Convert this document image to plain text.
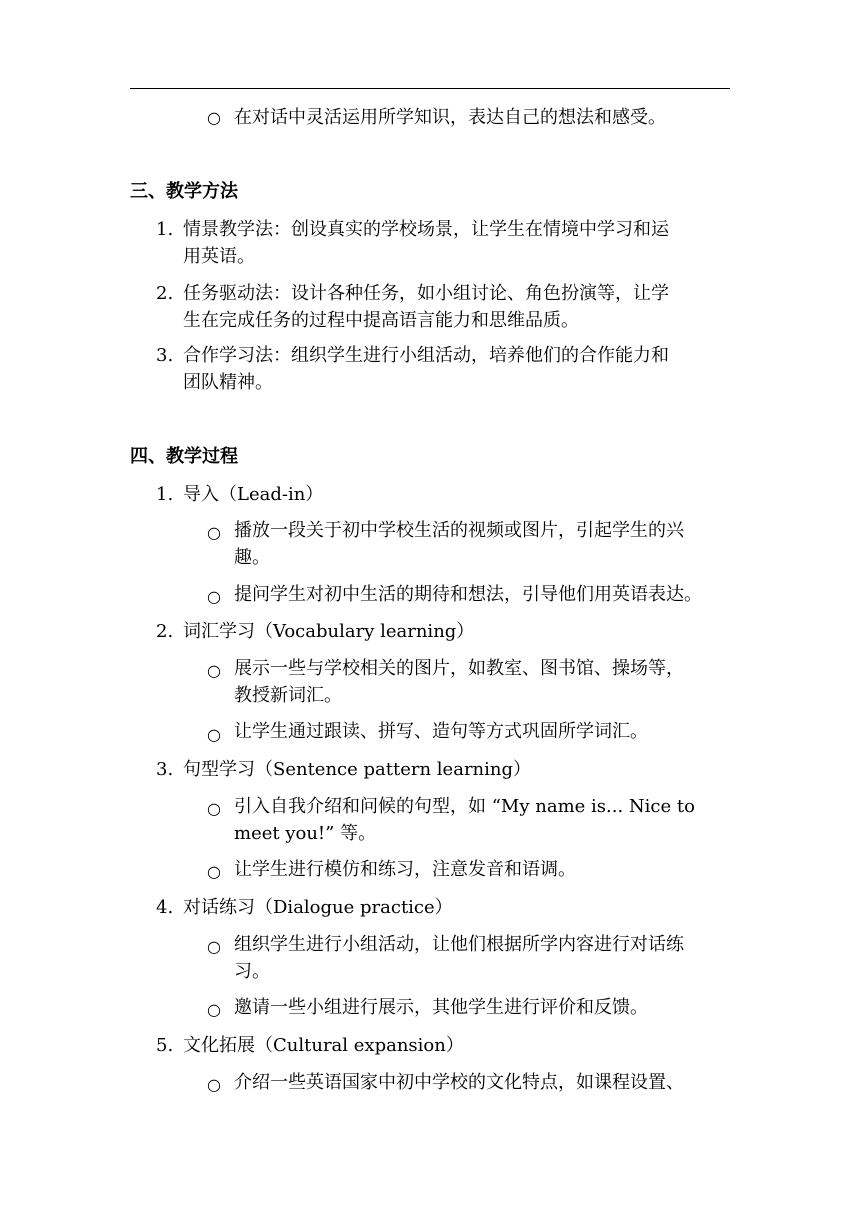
○ 在对话中灵活运用所学知识，表达自己的想法和感受。
三、教学方法
1. 情景教学法：创设真实的学校场景，让学生在情境中学习和运
用英语。
2. 任务驱动法：设计各种任务，如小组讨论、角色扮演等，让学
生在完成任务的过程中提高语言能力和思维品质。
3. 合作学习法：组织学生进行小组活动，培养他们的合作能力和
团队精神。
四、教学过程
1. 导入（Lead-in）
○ 播放一段关于初中学校生活的视频或图片，引起学生的兴
趣。
○ 提问学生对初中生活的期待和想法，引导他们用英语表达。
2. 词汇学习（Vocabulary learning）
○ 展示一些与学校相关的图片，如教室、图书馆、操场等，
教授新词汇。
○ 让学生通过跟读、拼写、造句等方式巩固所学词汇。
3. 句型学习（Sentence pattern learning）
○ 引入自我介绍和问候的句型，如 “My name is... Nice to
meet you!” 等。
○ 让学生进行模仿和练习，注意发音和语调。
4. 对话练习（Dialogue practice）
○ 组织学生进行小组活动，让他们根据所学内容进行对话练
习。
○ 邀请一些小组进行展示，其他学生进行评价和反馈。
5. 文化拓展（Cultural expansion）
○ 介绍一些英语国家中初中学校的文化特点，如课程设置、
